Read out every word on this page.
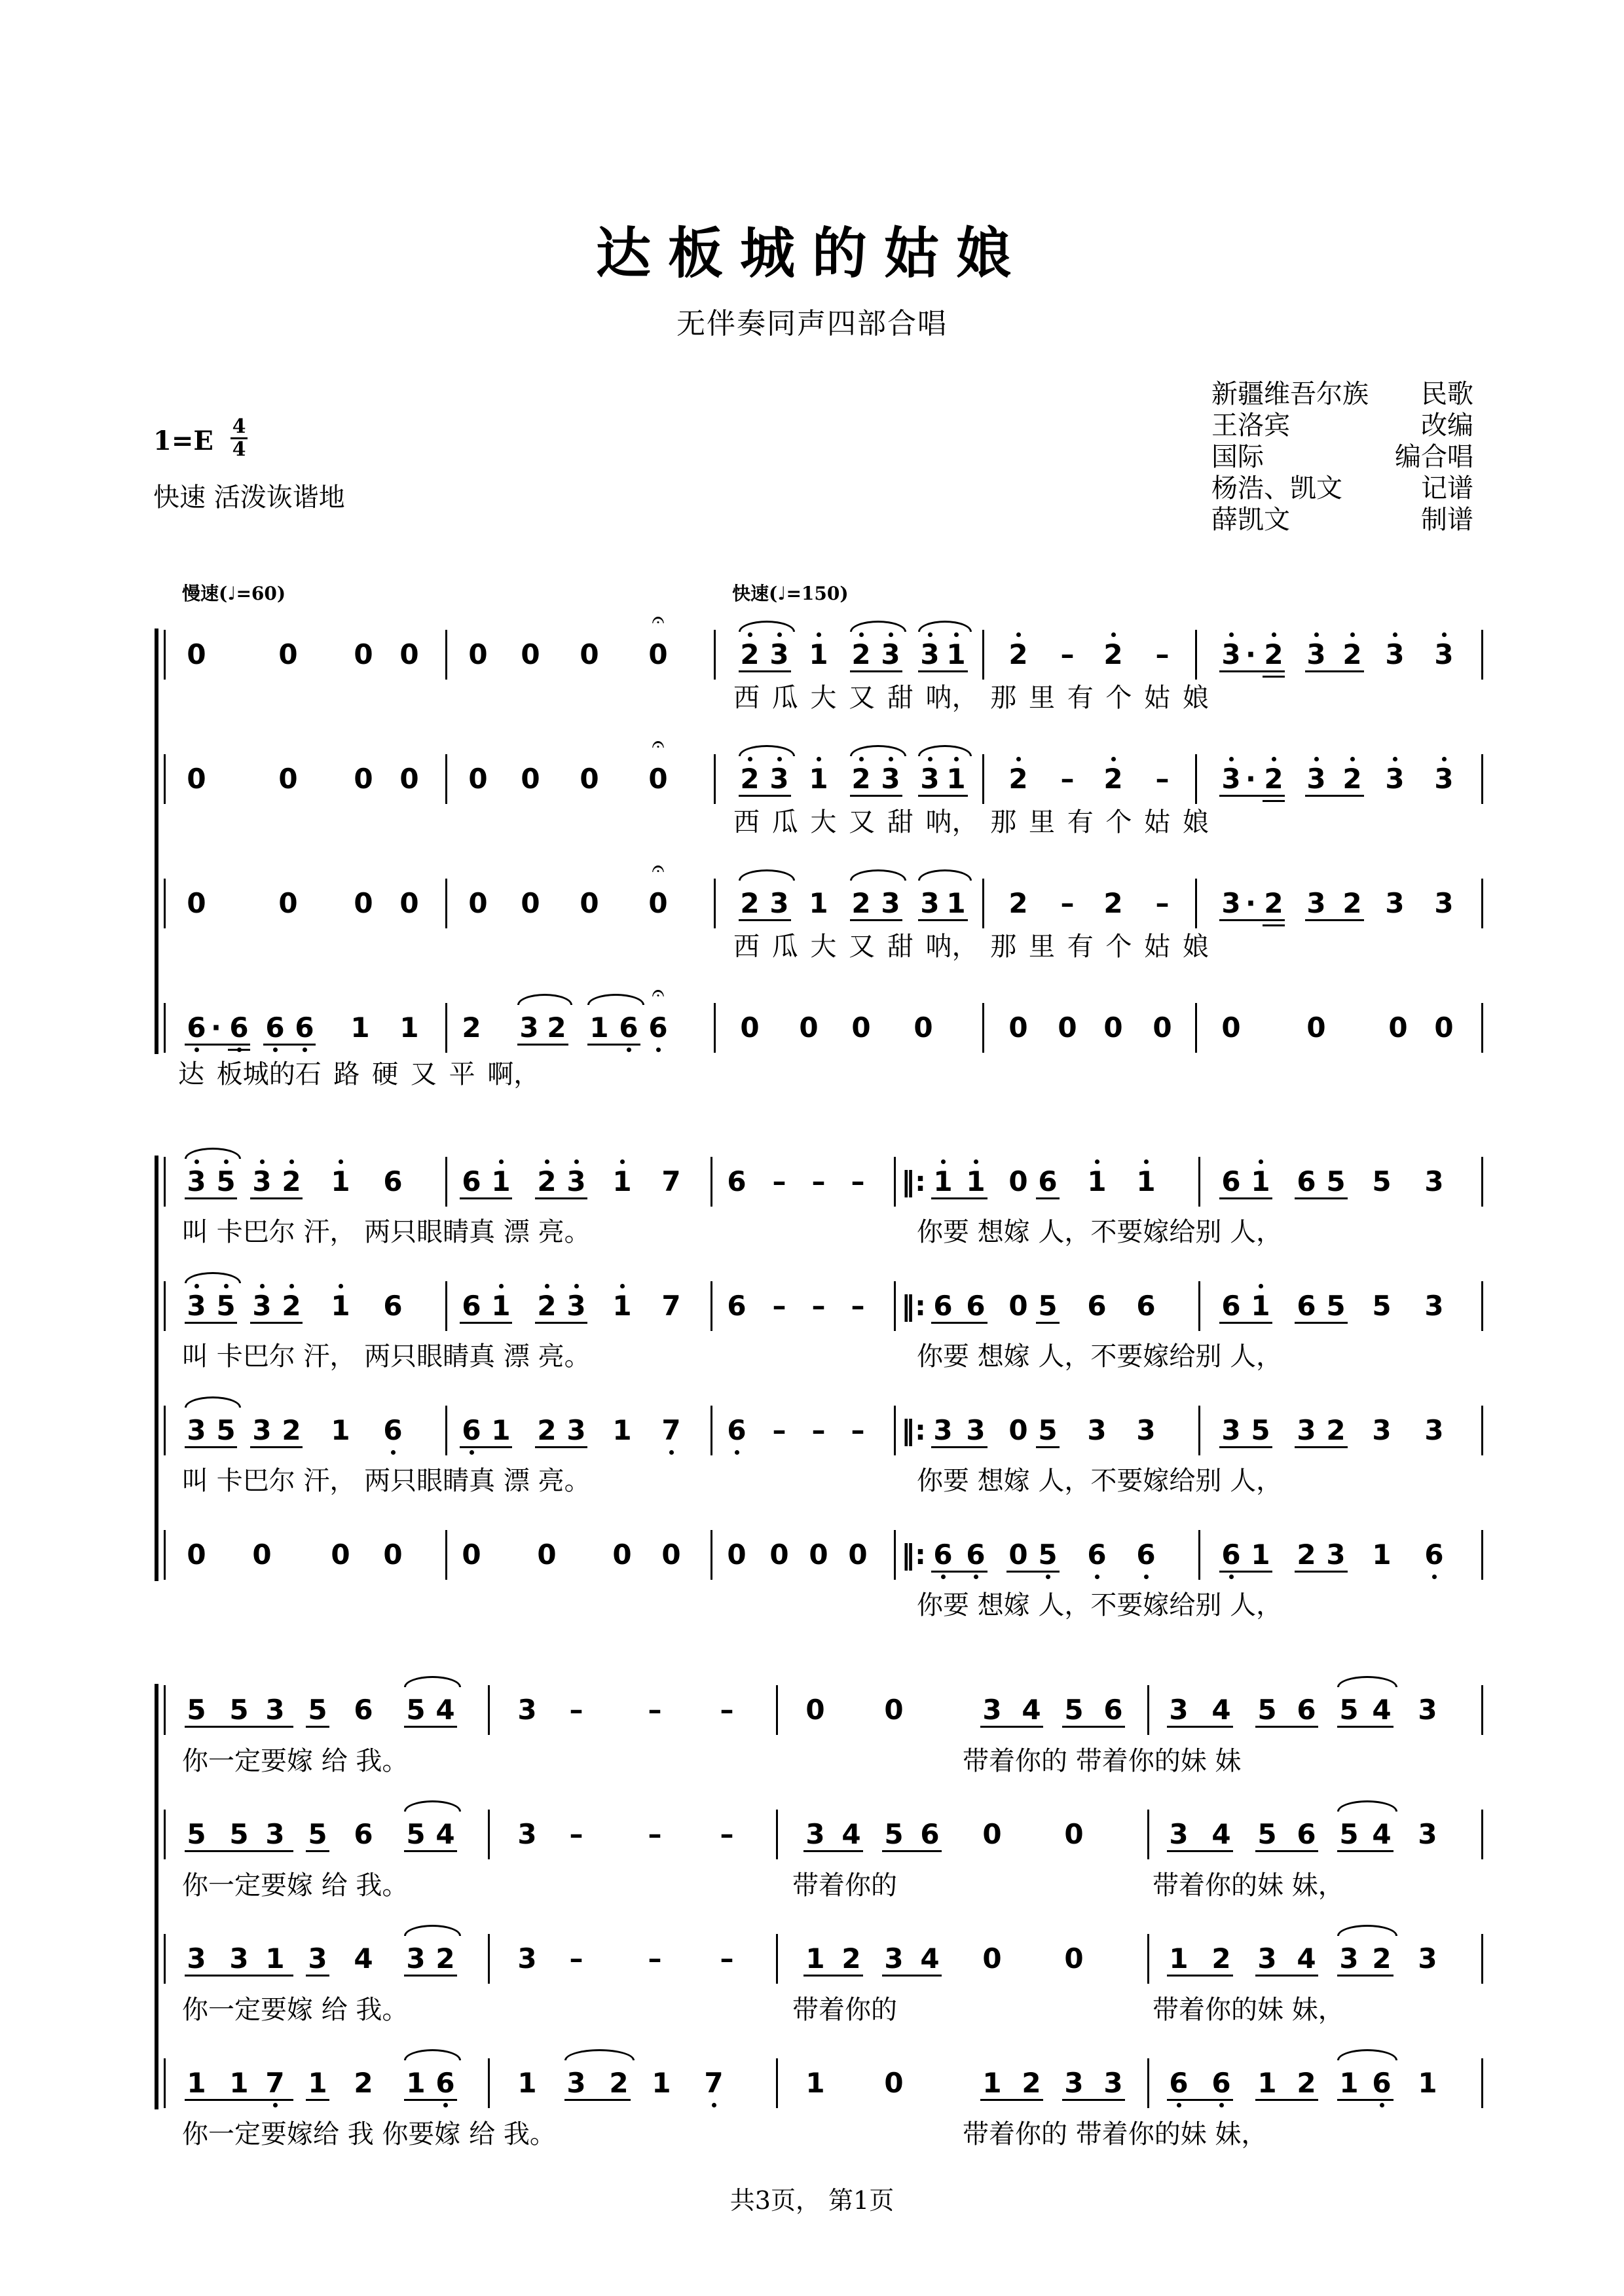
达板城的姑娘
无伴奏同声四部合唱
新疆维吾尔族 民歌
王洛宾	改编
国际	编合唱
杨浩、凯文	记谱
薛凯文	制谱
1=E 4
4
快速 活泼诙谐地
慢速(♩=60)	快速(♩=150)
0	0 0 0 0 0 0 0
𝄐
2 3 1 2 3 3 1 2 – 2 – 3 · 2 3 2 3 3
0	0 0 0 0 0 0 0
𝄐
2 3 1 2 3 3 1 2 – 2 – 3 · 2 3 2 3 3
0	0 0 0 0 0 0 0
𝄐
2 3 1 2 3 3 1 2 – 2 – 3 · 2 3 2 3 3
6 · 6 6 6 1 1 2 3 2 1 6 6
𝄐
0 0 0 0	0 0 0 0 0 0 0 0
3 5 3 2 1 6 6 1 2 3 1 7 6 – – – ‖: 1 1 0 6 1 1 6 1 6 5 5 3
3 5 3 2 1 6 6 1 2 3 1 7 6 – – – ‖: 6 6 0 5 6 6 6 1 6 5 5 3
3 5 3 2 1 6 6 1 2 3 1 7 6 – – – ‖: 3 3 0 5 3 3 3 5 3 2 3 3
0 0 0 0 0 0 0 0 0 0 0 0 ‖: 6 6 0 5 6 6 6 1 2 3 1 6
5 5 3 5 6 5 4 3 – – –	0 0	3 4 5 6 3 4 5 6 5 4 3
5 5 3 5 6 5 4 3 – – –	3 4 5 6 0 0	3 4 5 6 5 4 3
3 3 1 3 4 3 2 3 – – –	1 2 3 4 0 0	1 2 3 4 3 2 3
1 1 7 1 2 1 6 1 3 2 1 7	1 0	1 2 3 3 6 6 1 2 1 6 1
西 瓜 大 又 甜 呐， 那 里 有 个 姑 娘
西 瓜 大 又 甜 呐， 那 里 有 个 姑 娘
西 瓜 大 又 甜 呐， 那 里 有 个 姑 娘
达 板城的石 路 硬 又 平 啊，
叫 卡巴尔 汗， 两只眼睛真 漂 亮。	你要 想嫁 人，不要嫁给别 人，
叫 卡巴尔 汗， 两只眼睛真 漂 亮。	你要 想嫁 人，不要嫁给别 人，
叫 卡巴尔 汗， 两只眼睛真 漂 亮。	你要 想嫁 人，不要嫁给别 人，
你要 想嫁 人，不要嫁给别 人，
你一定要嫁 给 我。	带着你的 带着你的妹 妹
你一定要嫁 给 我。	带着你的	带着你的妹 妹，
你一定要嫁 给 我。	带着你的	带着你的妹 妹，
你一定要嫁给 我 你要嫁 给 我。	带着你的 带着你的妹 妹，
共3页， 第1页
